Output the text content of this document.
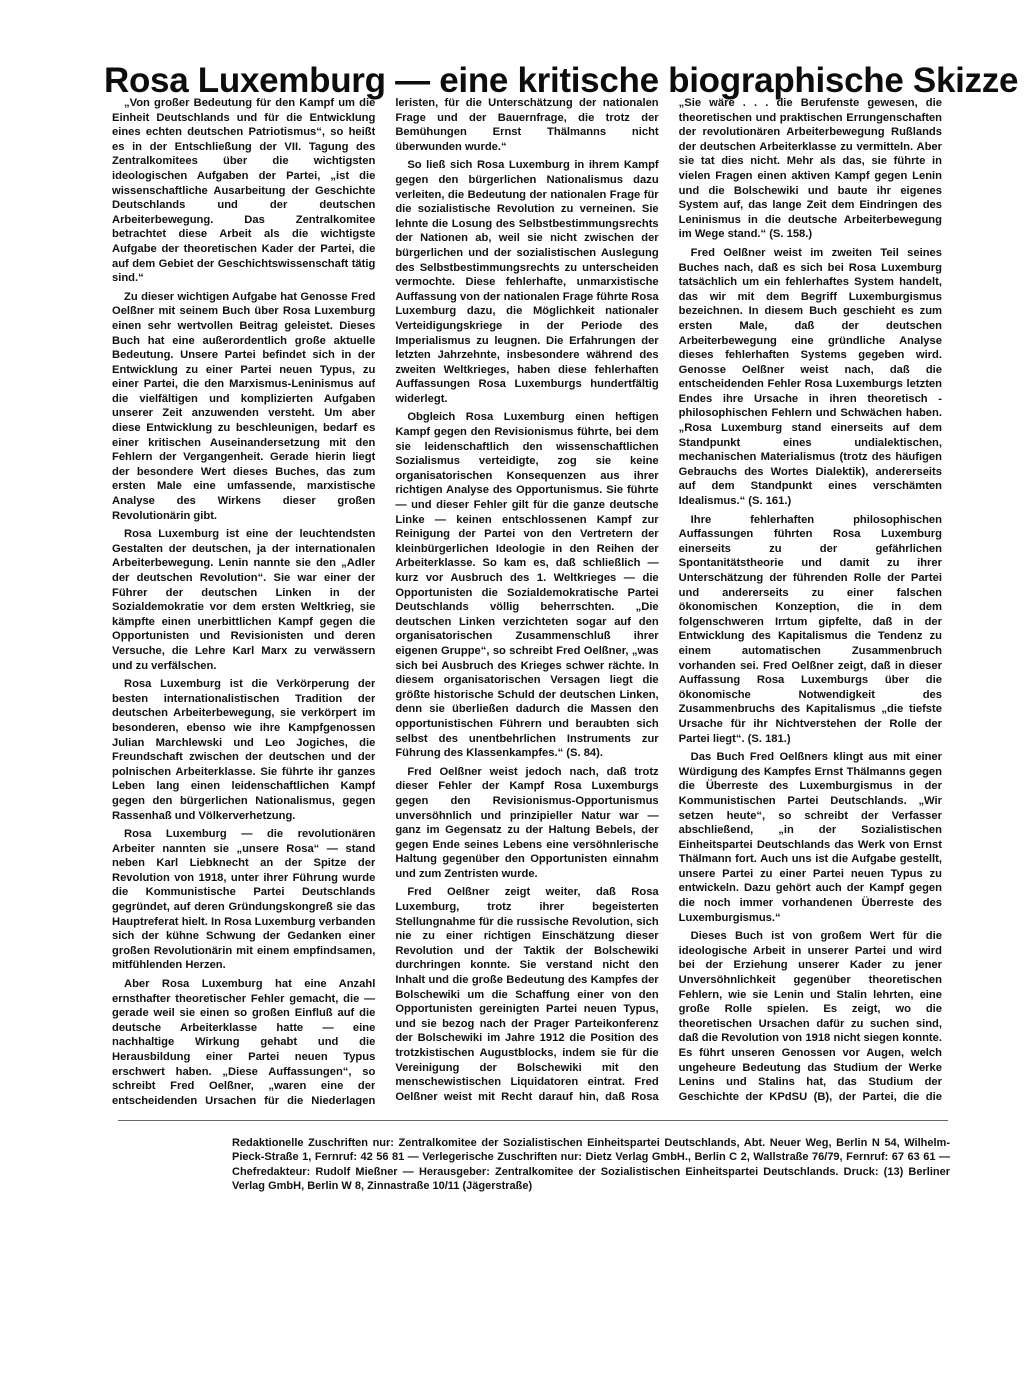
Rosa Luxemburg — eine kritische biographische Skizze

„Von großer Bedeutung für den Kampf um die Einheit Deutschlands und für die Entwicklung eines echten deutschen Patriotismus“, so heißt es in der Entschließung der VII. Tagung des Zentralkomitees über die wichtigsten ideologischen Aufgaben der Partei, „ist die wissenschaftliche Ausarbeitung der Geschichte Deutschlands und der deutschen Arbeiterbewegung. Das Zentralkomitee betrachtet diese Arbeit als die wichtigste Aufgabe der theoretischen Kader der Partei, die auf dem Gebiet der Geschichtswissenschaft tätig sind.“

Zu dieser wichtigen Aufgabe hat Genosse Fred Oelßner mit seinem Buch über Rosa Luxemburg einen sehr wertvollen Beitrag geleistet. Dieses Buch hat eine außerordentlich große aktuelle Bedeutung. Unsere Partei befindet sich in der Entwicklung zu einer Partei neuen Typus, zu einer Partei, die den Marxismus-Leninismus auf die vielfältigen und komplizierten Aufgaben unserer Zeit anzuwenden versteht. Um aber diese Entwicklung zu beschleunigen, bedarf es einer kritischen Auseinandersetzung mit den Fehlern der Vergangenheit. Gerade hierin liegt der besondere Wert dieses Buches, das zum ersten Male eine umfassende, marxistische Analyse des Wirkens dieser großen Revolutionärin gibt.

Rosa Luxemburg ist eine der leuchtendsten Gestalten der deutschen, ja der internationalen Arbeiterbewegung. Lenin nannte sie den „Adler der deutschen Revolution“. Sie war einer der Führer der deutschen Linken in der Sozialdemokratie vor dem ersten Weltkrieg, sie kämpfte einen unerbittlichen Kampf gegen die Opportunisten und Revisionisten und deren Versuche, die Lehre Karl Marx zu verwässern und zu verfälschen.

Rosa Luxemburg ist die Verkörperung der besten internationalistischen Tradition der deutschen Arbeiterbewegung, sie verkörpert im besonderen, ebenso wie ihre Kampfgenossen Julian Marchlewski und Leo Jogiches, die Freundschaft zwischen der deutschen und der polnischen Arbeiterklasse. Sie führte ihr ganzes Leben lang einen leidenschaftlichen Kampf gegen den bürgerlichen Nationalismus, gegen Rassenhaß und Völkerverhetzung.

Rosa Luxemburg — die revolutionären Arbeiter nannten sie „unsere Rosa“ — stand neben Karl Liebknecht an der Spitze der Revolution von 1918, unter ihrer Führung wurde die Kommunistische Partei Deutschlands gegründet, auf deren Gründungskongreß sie das Hauptreferat hielt. In Rosa Luxemburg verbanden sich der kühne Schwung der Gedanken einer großen Revolutionärin mit einem empfindsamen, mitfühlenden Herzen.

Aber Rosa Luxemburg hat eine Anzahl ernsthafter theoretischer Fehler gemacht, die — gerade weil sie einen so großen Einfluß auf die deutsche Arbeiterklasse hatte — eine nachhaltige Wirkung gehabt und die Herausbildung einer Partei neuen Typus erschwert haben. „Diese Auffassungen“, so schreibt Fred Oelßner, „waren eine der entscheidenden Ursachen für die Niederlagen

leristen, für die Unterschätzung der nationalen Frage und der Bauernfrage, die trotz der Bemühungen Ernst Thälmanns nicht überwunden wurde.“

So ließ sich Rosa Luxemburg in ihrem Kampf gegen den bürgerlichen Nationalismus dazu verleiten, die Bedeutung der nationalen Frage für die sozialistische Revolution zu verneinen. Sie lehnte die Losung des Selbstbestimmungsrechts der Nationen ab, weil sie nicht zwischen der bürgerlichen und der sozialistischen Auslegung des Selbstbestimmungsrechts zu unterscheiden vermochte. Diese fehlerhafte, unmarxistische Auffassung von der nationalen Frage führte Rosa Luxemburg dazu, die Möglichkeit nationaler Verteidigungskriege in der Periode des Imperialismus zu leugnen. Die Erfahrungen der letzten Jahrzehnte, insbesondere während des zweiten Weltkrieges, haben diese fehlerhaften Auffassungen Rosa Luxemburgs hundertfältig widerlegt.

Obgleich Rosa Luxemburg einen heftigen Kampf gegen den Revisionismus führte, bei dem sie leidenschaftlich den wissenschaftlichen Sozialismus verteidigte, zog sie keine organisatorischen Konsequenzen aus ihrer richtigen Analyse des Opportunismus. Sie führte — und dieser Fehler gilt für die ganze deutsche Linke — keinen entschlossenen Kampf zur Reinigung der Partei von den Vertretern der kleinbürgerlichen Ideologie in den Reihen der Arbeiterklasse. So kam es, daß schließlich — kurz vor Ausbruch des 1. Weltkrieges — die Opportunisten die Sozialdemokratische Partei Deutschlands völlig beherrschten. „Die deutschen Linken verzichteten sogar auf den organisatorischen Zusammenschluß ihrer eigenen Gruppe“, so schreibt Fred Oelßner, „was sich bei Ausbruch des Krieges schwer rächte. In diesem organisatorischen Versagen liegt die größte historische Schuld der deutschen Linken, denn sie überließen dadurch die Massen den opportunistischen Führern und beraubten sich selbst des unentbehrlichen Instruments zur Führung des Klassenkampfes.“ (S. 84).

Fred Oelßner weist jedoch nach, daß trotz dieser Fehler der Kampf Rosa Luxemburgs gegen den Revisionismus-Opportunismus unversöhnlich und prinzipieller Natur war — ganz im Gegensatz zu der Haltung Bebels, der gegen Ende seines Lebens eine versöhnlerische Haltung gegenüber den Opportunisten einnahm und zum Zentristen wurde.

Fred Oelßner zeigt weiter, daß Rosa Luxemburg, trotz ihrer begeisterten Stellungnahme für die russische Revolution, sich nie zu einer richtigen Einschätzung dieser Revolution und der Taktik der Bolschewiki durchringen konnte. Sie verstand nicht den Inhalt und die große Bedeutung des Kampfes der Bolschewiki um die Schaffung einer von den Opportunisten gereinigten Partei neuen Typus, und sie bezog nach der Prager Parteikonferenz der Bolschewiki im Jahre 1912 die Position des trotzkistischen Augustblocks, indem sie für die Vereinigung der Bolschewiki mit den menschewistischen Liquidatoren eintrat. Fred Oelßner weist mit Recht darauf hin, daß Rosa

„Sie wäre . . . die Berufenste gewesen, die theoretischen und praktischen Errungenschaften der revolutionären Arbeiterbewegung Rußlands der deutschen Arbeiterklasse zu vermitteln. Aber sie tat dies nicht. Mehr als das, sie führte in vielen Fragen einen aktiven Kampf gegen Lenin und die Bolschewiki und baute ihr eigenes System auf, das lange Zeit dem Eindringen des Leninismus in die deutsche Arbeiterbewegung im Wege stand.“ (S. 158.)

Fred Oelßner weist im zweiten Teil seines Buches nach, daß es sich bei Rosa Luxemburg tatsächlich um ein fehlerhaftes System handelt, das wir mit dem Begriff Luxemburgismus bezeichnen. In diesem Buch geschieht es zum ersten Male, daß der deutschen Arbeiterbewegung eine gründliche Analyse dieses fehlerhaften Systems gegeben wird. Genosse Oelßner weist nach, daß die entscheidenden Fehler Rosa Luxemburgs letzten Endes ihre Ursache in ihren theoretisch - philosophischen Fehlern und Schwächen haben. „Rosa Luxemburg stand einerseits auf dem Standpunkt eines undialektischen, mechanischen Materialismus (trotz des häufigen Gebrauchs des Wortes Dialektik), andererseits auf dem Standpunkt eines verschämten Idealismus.“ (S. 161.)

Ihre fehlerhaften philosophischen Auffassungen führten Rosa Luxemburg einerseits zu der gefährlichen Spontanitätstheorie und damit zu ihrer Unterschätzung der führenden Rolle der Partei und andererseits zu einer falschen ökonomischen Konzeption, die in dem folgenschweren Irrtum gipfelte, daß in der Entwicklung des Kapitalismus die Tendenz zu einem automatischen Zusammenbruch vorhanden sei. Fred Oelßner zeigt, daß in dieser Auffassung Rosa Luxemburgs über die ökonomische Notwendigkeit des Zusammenbruchs des Kapitalismus „die tiefste Ursache für ihr Nichtverstehen der Rolle der Partei liegt“. (S. 181.)

Das Buch Fred Oelßners klingt aus mit einer Würdigung des Kampfes Ernst Thälmanns gegen die Überreste des Luxemburgismus in der Kommunistischen Partei Deutschlands. „Wir setzen heute“, so schreibt der Verfasser abschließend, „in der Sozialistischen Einheitspartei Deutschlands das Werk von Ernst Thälmann fort. Auch uns ist die Aufgabe gestellt, unsere Partei zu einer Partei neuen Typus zu entwickeln. Dazu gehört auch der Kampf gegen die noch immer vorhandenen Überreste des Luxemburgismus.“

Dieses Buch ist von großem Wert für die ideologische Arbeit in unserer Partei und wird bei der Erziehung unserer Kader zu jener Unversöhnlichkeit gegenüber theoretischen Fehlern, wie sie Lenin und Stalin lehrten, eine große Rolle spielen. Es zeigt, wo die theoretischen Ursachen dafür zu suchen sind, daß die Revolution von 1918 nicht siegen konnte. Es führt unseren Genossen vor Augen, welch ungeheure Bedeutung das Studium der Werke Lenins und Stalins hat, das Studium der Geschichte der KPdSU (B), der Partei, die die

Redaktionelle Zuschriften nur: Zentralkomitee der Sozialistischen Einheitspartei Deutschlands, Abt. Neuer Weg, Berlin N 54, Wilhelm-Pieck-Straße 1, Fernruf: 42 56 81 — Verlegerische Zuschriften nur: Dietz Verlag GmbH., Berlin C 2, Wallstraße 76/79, Fernruf: 67 63 61 — Chefredakteur: Rudolf Mießner — Herausgeber: Zentralkomitee der Sozialistischen Einheitspartei Deutschlands. Druck: (13) Berliner Verlag GmbH, Berlin W 8, Zinnastraße 10/11 (Jägerstraße)
